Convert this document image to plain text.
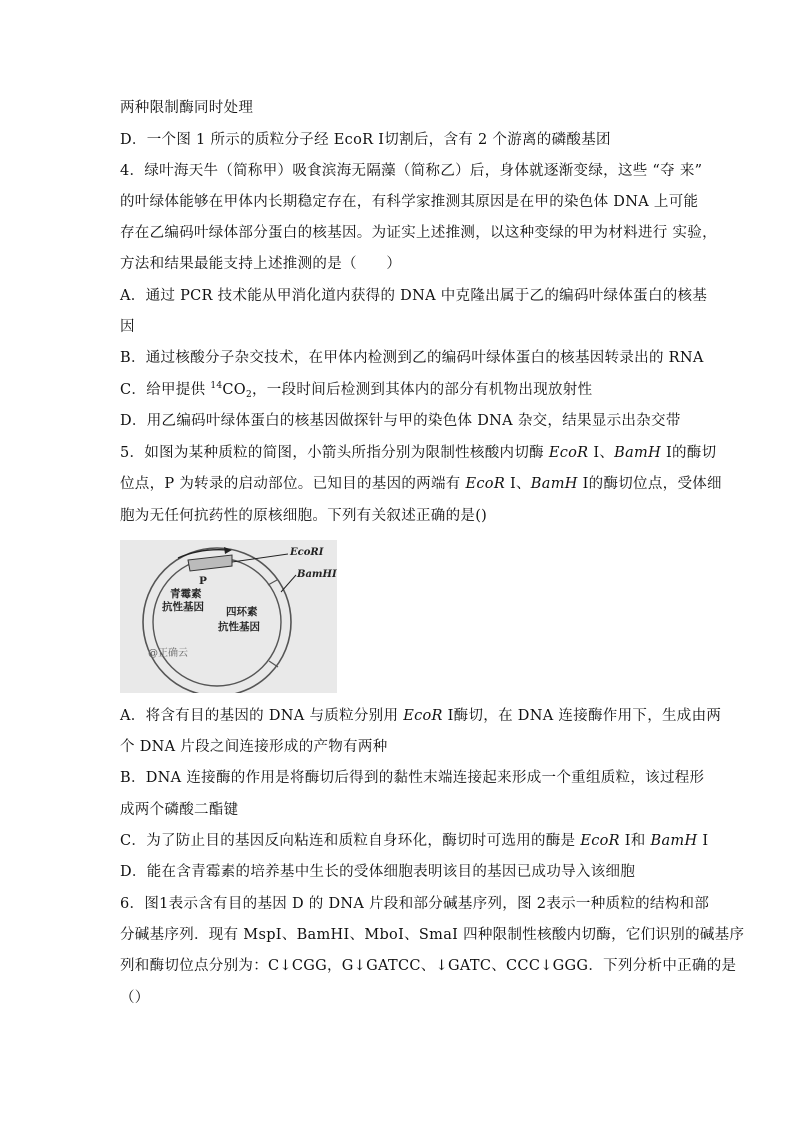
两种限制酶同时处理
D．一个图 1 所示的质粒分子经 EcoR Ⅰ切割后，含有 2 个游离的磷酸基团
4．绿叶海天牛（简称甲）吸食滨海无隔藻（简称乙）后，身体就逐渐变绿，这些 “夺 来”
的叶绿体能够在甲体内长期稳定存在，有科学家推测其原因是在甲的染色体 DNA 上可能
存在乙编码叶绿体部分蛋白的核基因。为证实上述推测，以这种变绿的甲为材料进行 实验，
方法和结果最能支持上述推测的是（　　）
A．通过 PCR 技术能从甲消化道内获得的 DNA 中克隆出属于乙的编码叶绿体蛋白的核基
因
B．通过核酸分子杂交技术，在甲体内检测到乙的编码叶绿体蛋白的核基因转录出的 RNA
C．给甲提供 $^{14}CO_2$，一段时间后检测到其体内的部分有机物出现放射性
D．用乙编码叶绿体蛋白的核基因做探针与甲的染色体 DNA 杂交，结果显示出杂交带
5．如图为某种质粒的简图，小箭头所指分别为限制性核酸内切酶 EcoR Ⅰ、BamH Ⅰ的酶切
位点，P 为转录的启动部位。已知目的基因的两端有 EcoR Ⅰ、BamH Ⅰ的酶切位点，受体细
胞为无任何抗药性的原核细胞。下列有关叙述正确的是()
EcoRⅠ
BamHⅠ
P
青霉素
抗性基因 四环素
抗性基因
@正确云
A．将含有目的基因的 DNA 与质粒分别用 EcoR Ⅰ酶切，在 DNA 连接酶作用下，生成由两
个 DNA 片段之间连接形成的产物有两种
B．DNA 连接酶的作用是将酶切后得到的黏性末端连接起来形成一个重组质粒，该过程形
成两个磷酸二酯键
C．为了防止目的基因反向粘连和质粒自身环化，酶切时可选用的酶是 EcoR Ⅰ和 BamH Ⅰ
D．能在含青霉素的培养基中生长的受体细胞表明该目的基因已成功导入该细胞
6．图1表示含有目的基因 D 的 DNA 片段和部分碱基序列，图 2表示一种质粒的结构和部
分碱基序列．现有 MspI、BamHI、MboI、SmaI 四种限制性核酸内切酶，它们识别的碱基序
列和酶切位点分别为：C↓CGG，G↓GATCC、↓GATC、CCC↓GGG．下列分析中正确的是
（）
